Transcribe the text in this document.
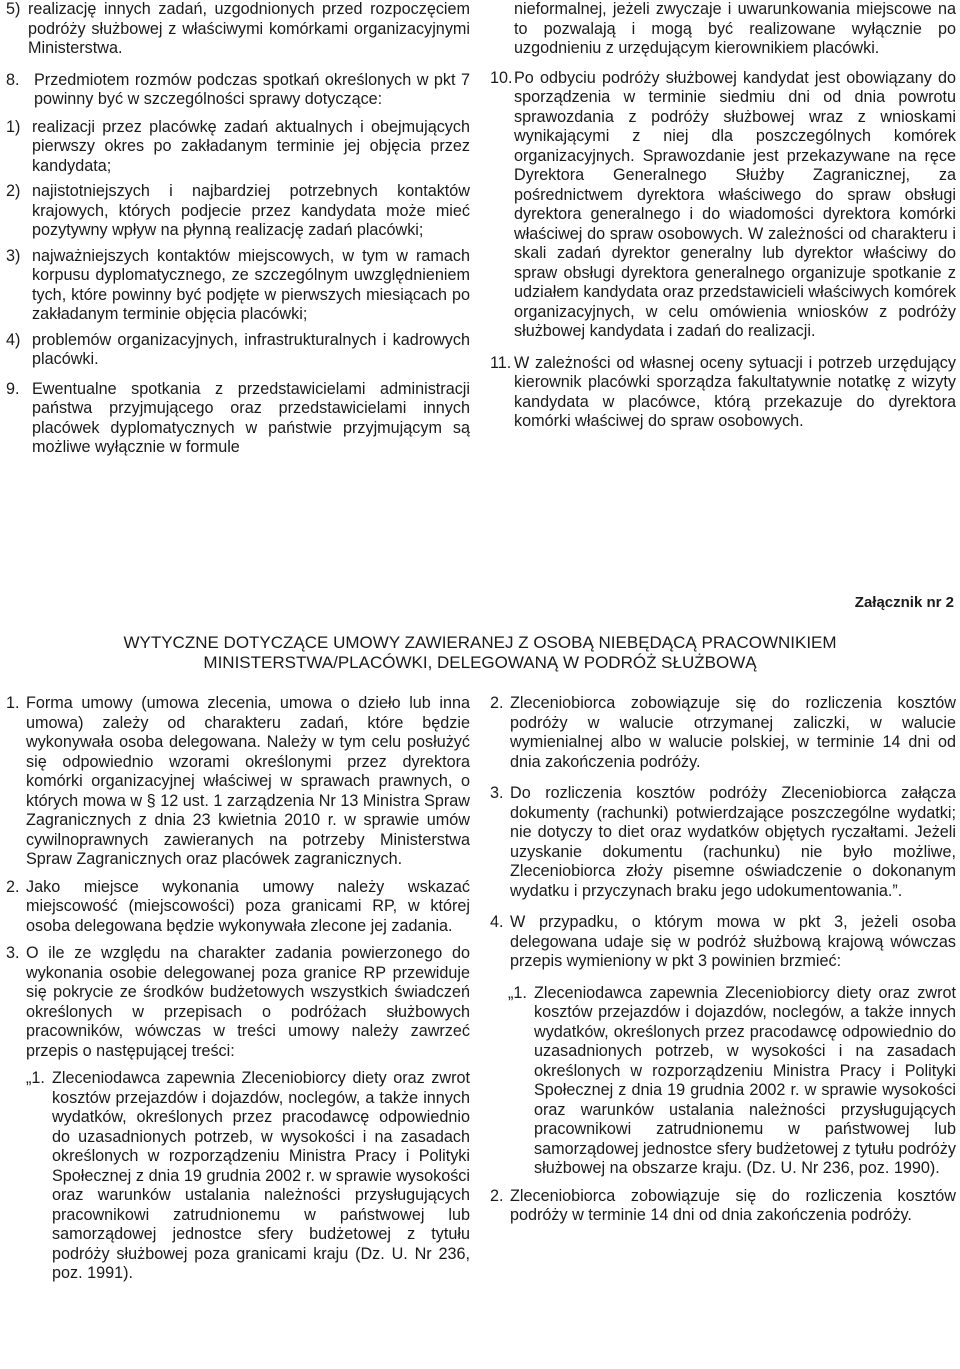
5) realizację innych zadań, uzgodnionych przed rozpoczęciem podróży służbowej z właściwymi komórkami organizacyjnymi Ministerstwa.
8. Przedmiotem rozmów podczas spotkań określonych w pkt 7 powinny być w szczególności sprawy dotyczące:
1) realizacji przez placówkę zadań aktualnych i obejmujących pierwszy okres po zakładanym terminie jej objęcia przez kandydata;
2) najistotniejszych i najbardziej potrzebnych kontaktów krajowych, których podjecie przez kandydata może mieć pozytywny wpływ na płynną realizację zadań placówki;
3) najważniejszych kontaktów miejscowych, w tym w ramach korpusu dyplomatycznego, ze szczególnym uwzględnieniem tych, które powinny być podjęte w pierwszych miesiącach po zakładanym terminie objęcia placówki;
4) problemów organizacyjnych, infrastrukturalnych i kadrowych placówki.
9. Ewentualne spotkania z przedstawicielami administracji państwa przyjmującego oraz przedstawicielami innych placówek dyplomatycznych w państwie przyjmującym są możliwe wyłącznie w formule
nieformalnej, jeżeli zwyczaje i uwarunkowania miejscowe na to pozwalają i mogą być realizowane wyłącznie po uzgodnieniu z urzędującym kierownikiem placówki.
10. Po odbyciu podróży służbowej kandydat jest obowiązany do sporządzenia w terminie siedmiu dni od dnia powrotu sprawozdania z podróży służbowej wraz z wnioskami wynikającymi z niej dla poszczególnych komórek organizacyjnych. Sprawozdanie jest przekazywane na ręce Dyrektora Generalnego Służby Zagranicznej, za pośrednictwem dyrektora właściwego do spraw obsługi dyrektora generalnego i do wiadomości dyrektora komórki właściwej do spraw osobowych. W zależności od charakteru i skali zadań dyrektor generalny lub dyrektor właściwy do spraw obsługi dyrektora generalnego organizuje spotkanie z udziałem kandydata oraz przedstawicieli właściwych komórek organizacyjnych, w celu omówienia wniosków z podróży służbowej kandydata i zadań do realizacji.
11. W zależności od własnej oceny sytuacji i potrzeb urzędujący kierownik placówki sporządza fakultatywnie notatkę z wizyty kandydata w placówce, którą przekazuje do dyrektora komórki właściwej do spraw osobowych.
Załącznik nr 2
WYTYCZNE DOTYCZĄCE UMOWY ZAWIERANEJ Z OSOBĄ NIEBĘDĄCĄ PRACOWNIKIEM
MINISTERSTWA/PLACÓWKI, DELEGOWANĄ W PODRÓŻ SŁUŻBOWĄ
1. Forma umowy (umowa zlecenia, umowa o dzieło lub inna umowa) zależy od charakteru zadań, które będzie wykonywała osoba delegowana. Należy w tym celu posłużyć się odpowiednio wzorami określonymi przez dyrektora komórki organizacyjnej właściwej w sprawach prawnych, o których mowa w § 12 ust. 1 zarządzenia Nr 13 Ministra Spraw Zagranicznych z dnia 23 kwietnia 2010 r. w sprawie umów cywilnoprawnych zawieranych na potrzeby Ministerstwa Spraw Zagranicznych oraz placówek zagranicznych.
2. Jako miejsce wykonania umowy należy wskazać miejscowość (miejscowości) poza granicami RP, w której osoba delegowana będzie wykonywała zlecone jej zadania.
3. O ile ze względu na charakter zadania powierzonego do wykonania osobie delegowanej poza granice RP przewiduje się pokrycie ze środków budżetowych wszystkich świadczeń określonych w przepisach o podróżach służbowych pracowników, wówczas w treści umowy należy zawrzeć przepis o następującej treści:
„1. Zleceniodawca zapewnia Zleceniobiorcy diety oraz zwrot kosztów przejazdów i dojazdów, noclegów, a także innych wydatków, określonych przez pracodawcę odpowiednio do uzasadnionych potrzeb, w wysokości i na zasadach określonych w rozporządzeniu Ministra Pracy i Polityki Społecznej z dnia 19 grudnia 2002 r. w sprawie wysokości oraz warunków ustalania należności przysługujących pracownikowi zatrudnionemu w państwowej lub samorządowej jednostce sfery budżetowej z tytułu podróży służbowej poza granicami kraju (Dz. U. Nr 236, poz. 1991).
2. Zleceniobiorca zobowiązuje się do rozliczenia kosztów podróży w walucie otrzymanej zaliczki, w walucie wymienialnej albo w walucie polskiej, w terminie 14 dni od dnia zakończenia podróży.
3. Do rozliczenia kosztów podróży Zleceniobiorca załącza dokumenty (rachunki) potwierdzające poszczególne wydatki; nie dotyczy to diet oraz wydatków objętych ryczałtami. Jeżeli uzyskanie dokumentu (rachunku) nie było możliwe, Zleceniobiorca złoży pisemne oświadczenie o dokonanym wydatku i przyczynach braku jego udokumentowania.”.
4. W przypadku, o którym mowa w pkt 3, jeżeli osoba delegowana udaje się w podróż służbową krajową wówczas przepis wymieniony w pkt 3 powinien brzmieć:
„1. Zleceniodawca zapewnia Zleceniobiorcy diety oraz zwrot kosztów przejazdów i dojazdów, noclegów, a także innych wydatków, określonych przez pracodawcę odpowiednio do uzasadnionych potrzeb, w wysokości i na zasadach określonych w rozporządzeniu Ministra Pracy i Polityki Społecznej z dnia 19 grudnia 2002 r. w sprawie wysokości oraz warunków ustalania należności przysługujących pracownikowi zatrudnionemu w państwowej lub samorządowej jednostce sfery budżetowej z tytułu podróży służbowej na obszarze kraju. (Dz. U. Nr 236, poz. 1990).
2. Zleceniobiorca zobowiązuje się do rozliczenia kosztów podróży w terminie 14 dni od dnia zakończenia podróży.
